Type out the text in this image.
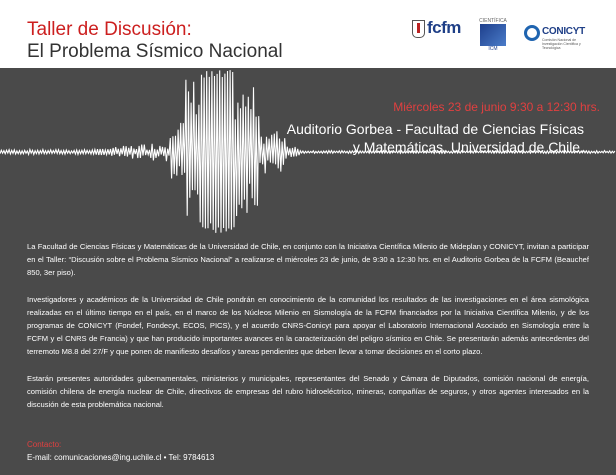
Taller de Discusión:
El Problema Sísmico Nacional
fcfm	CIENTÍFICA
ICM
CONICYT
Comisión Nacional de Investigación Científica y Tecnológica
Miércoles 23 de junio 9:30 a 12:30 hrs.
Auditorio Gorbea - Facultad de Ciencias Físicas
y Matemáticas, Universidad de Chile.

La Facultad de Ciencias Físicas y Matemáticas de la Universidad de Chile, en conjunto con la Iniciativa Científica Milenio de Mideplan y CONICYT, invitan a participar en el Taller: “Discusión sobre el Problema Sísmico Nacional” a realizarse el miércoles 23 de junio, de 9:30 a 12:30 hrs. en el Auditorio Gorbea de la FCFM (Beauchef 850, 3er piso).

Investigadores y académicos de la Universidad de Chile pondrán en conocimiento de la comunidad los resultados de las investigaciones en el área sismológica realizadas en el último tiempo en el país, en el marco de los Núcleos Milenio en Sismología de la FCFM financiados por la Iniciativa Científica Milenio, y de los programas de CONICYT (Fondef, Fondecyt, ECOS, PICS), y el acuerdo CNRS-Conicyt para apoyar el Laboratorio Internacional Asociado en Sismología entre la FCFM y el CNRS de Francia) y que han producido importantes avances en la caracterización del peligro sísmico en Chile. Se presentarán además antecedentes del terremoto M8.8 del 27/F y que ponen de manifiesto desafíos y tareas pendientes que deben llevar a tomar decisiones en el corto plazo.

Estarán presentes autoridades gubernamentales, ministerios y municipales, representantes del Senado y Cámara de Diputados, comisión nacional de energía, comisión chilena de energía nuclear de Chile, directivos de empresas del rubro hidroeléctrico, mineras, compañías de seguros, y otros agentes interesados en la discusión de esta problemática nacional.

Contacto:
E-mail: comunicaciones@ing.uchile.cl • Tel: 9784613
